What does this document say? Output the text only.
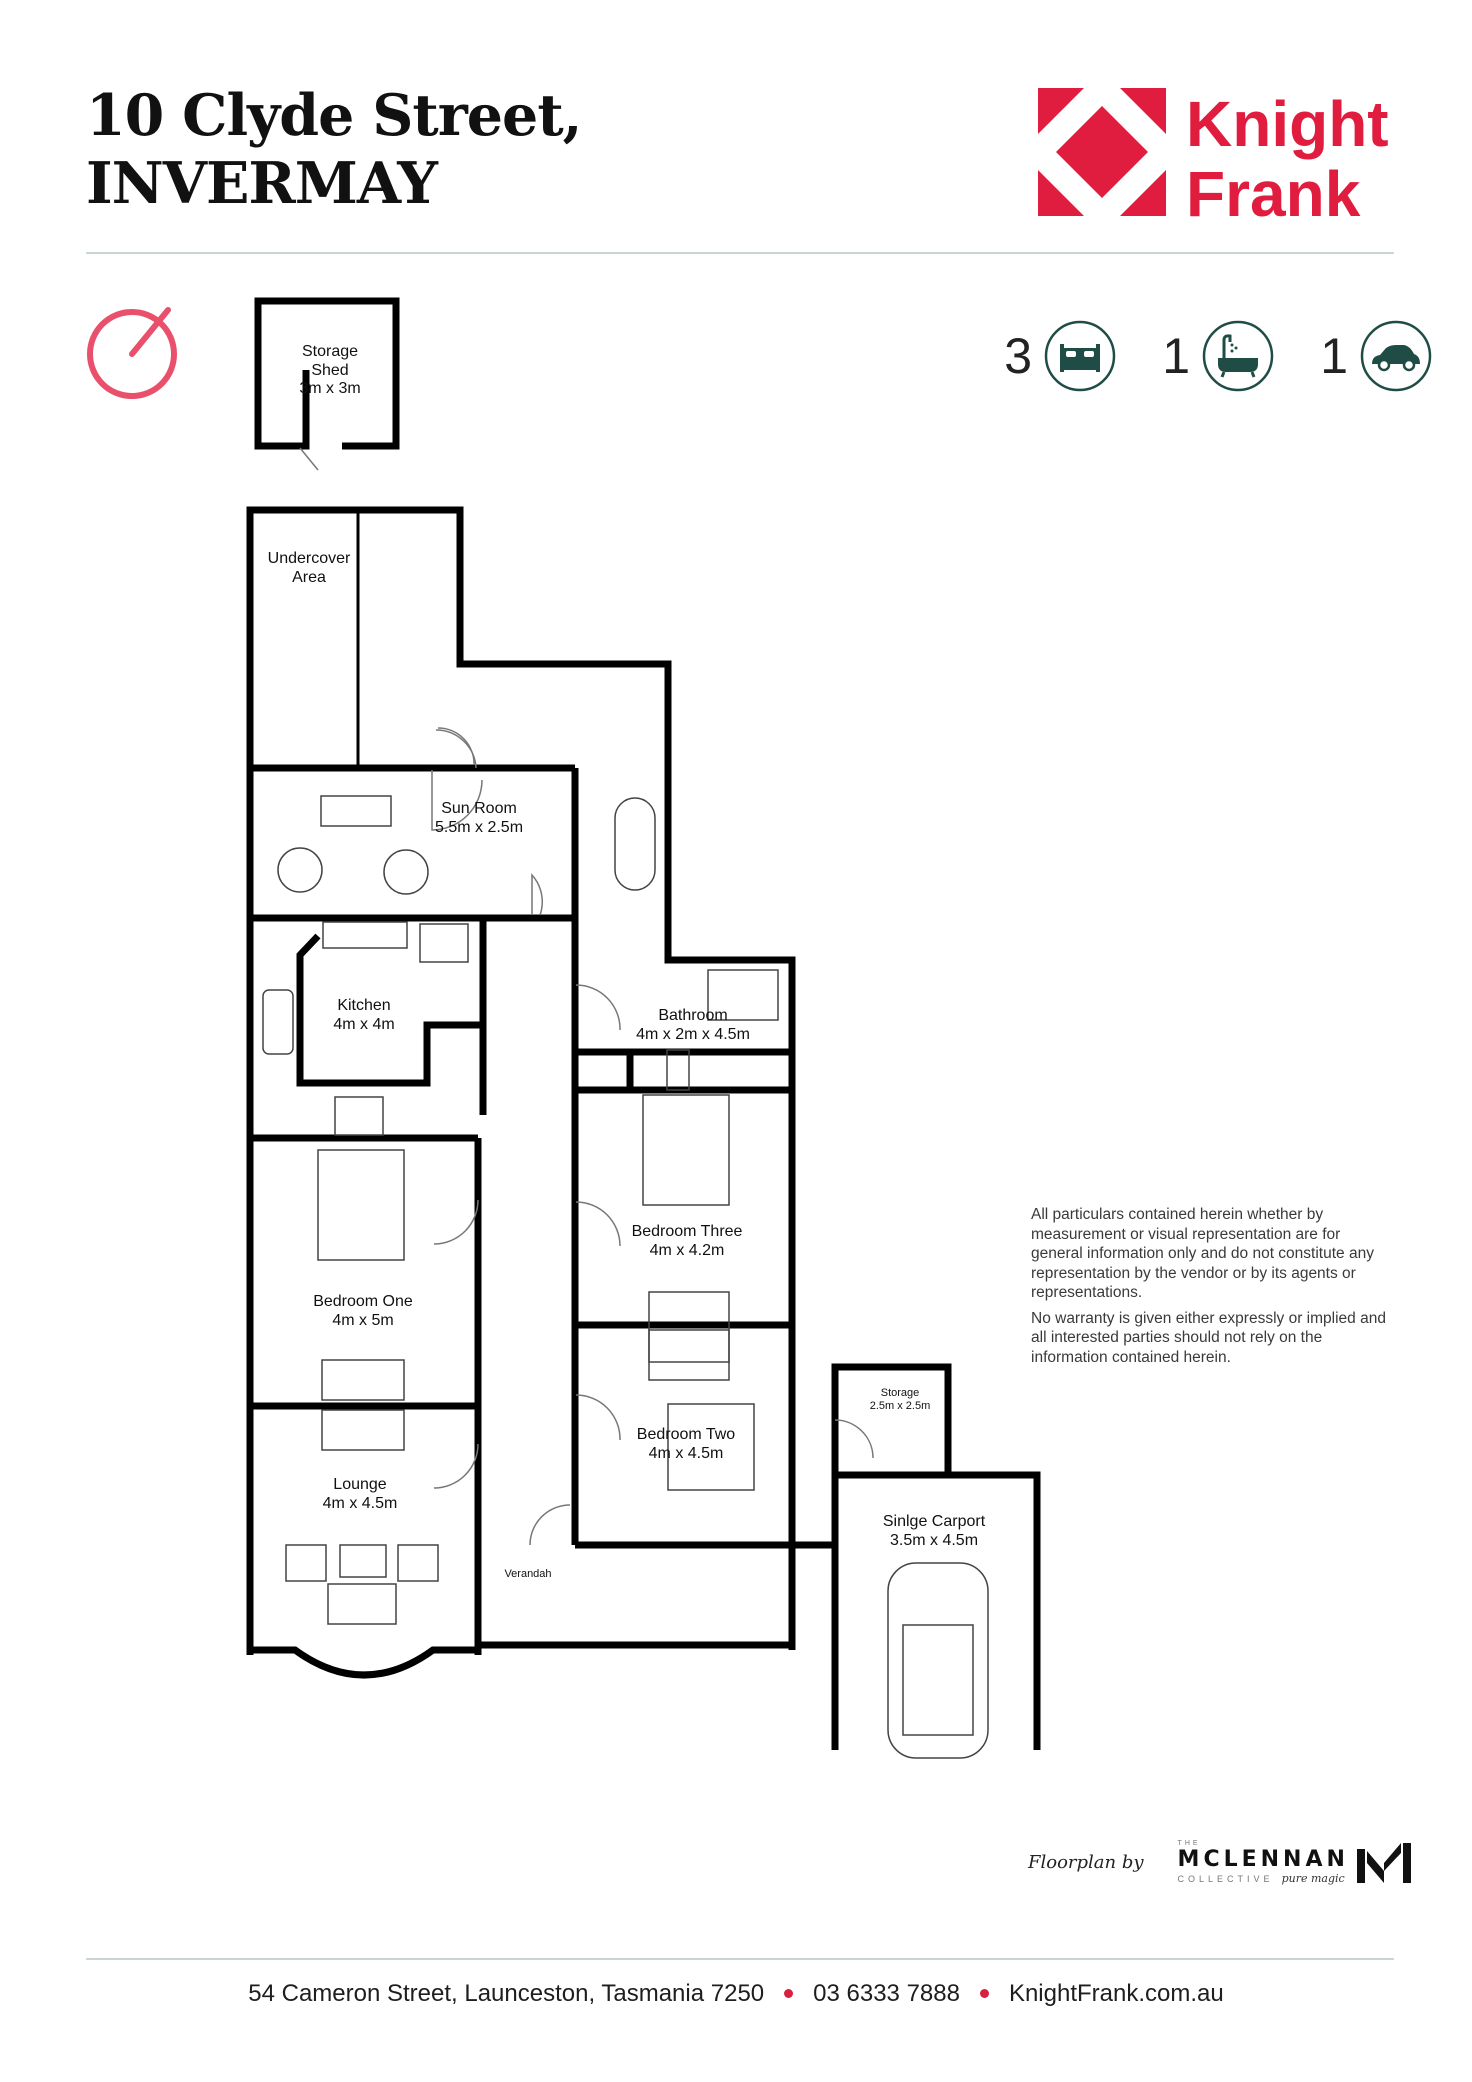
10 Clyde Street,
INVERMAY
Knight
Frank
3	1	1
Storage Shed 3m x 3m
Undercover Area
Sun Room 5.5m x 2.5m
Kitchen 4m x 4m
Bathroom 4m x 2m x 4.5m
Bedroom Three 4m x 4.2m
Bedroom One 4m x 5m
Bedroom Two 4m x 4.5m
Storage 2.5m x 2.5m
Sinlge Carport 3.5m x 4.5m
Lounge 4m x 4.5m
Verandah

All particulars contained herein whether by measurement or visual representation are for general information only and do not constitute any representation by the vendor or by its agents or representations.

No warranty is given either expressly or implied and all interested parties should not rely on the information contained herein.

Floorplan by
THE
MCLENNAN
COLLECTIVE pure magic
54 Cameron Street, Launceston, Tasmania 7250 03 6333 7888 KnightFrank.com.au
